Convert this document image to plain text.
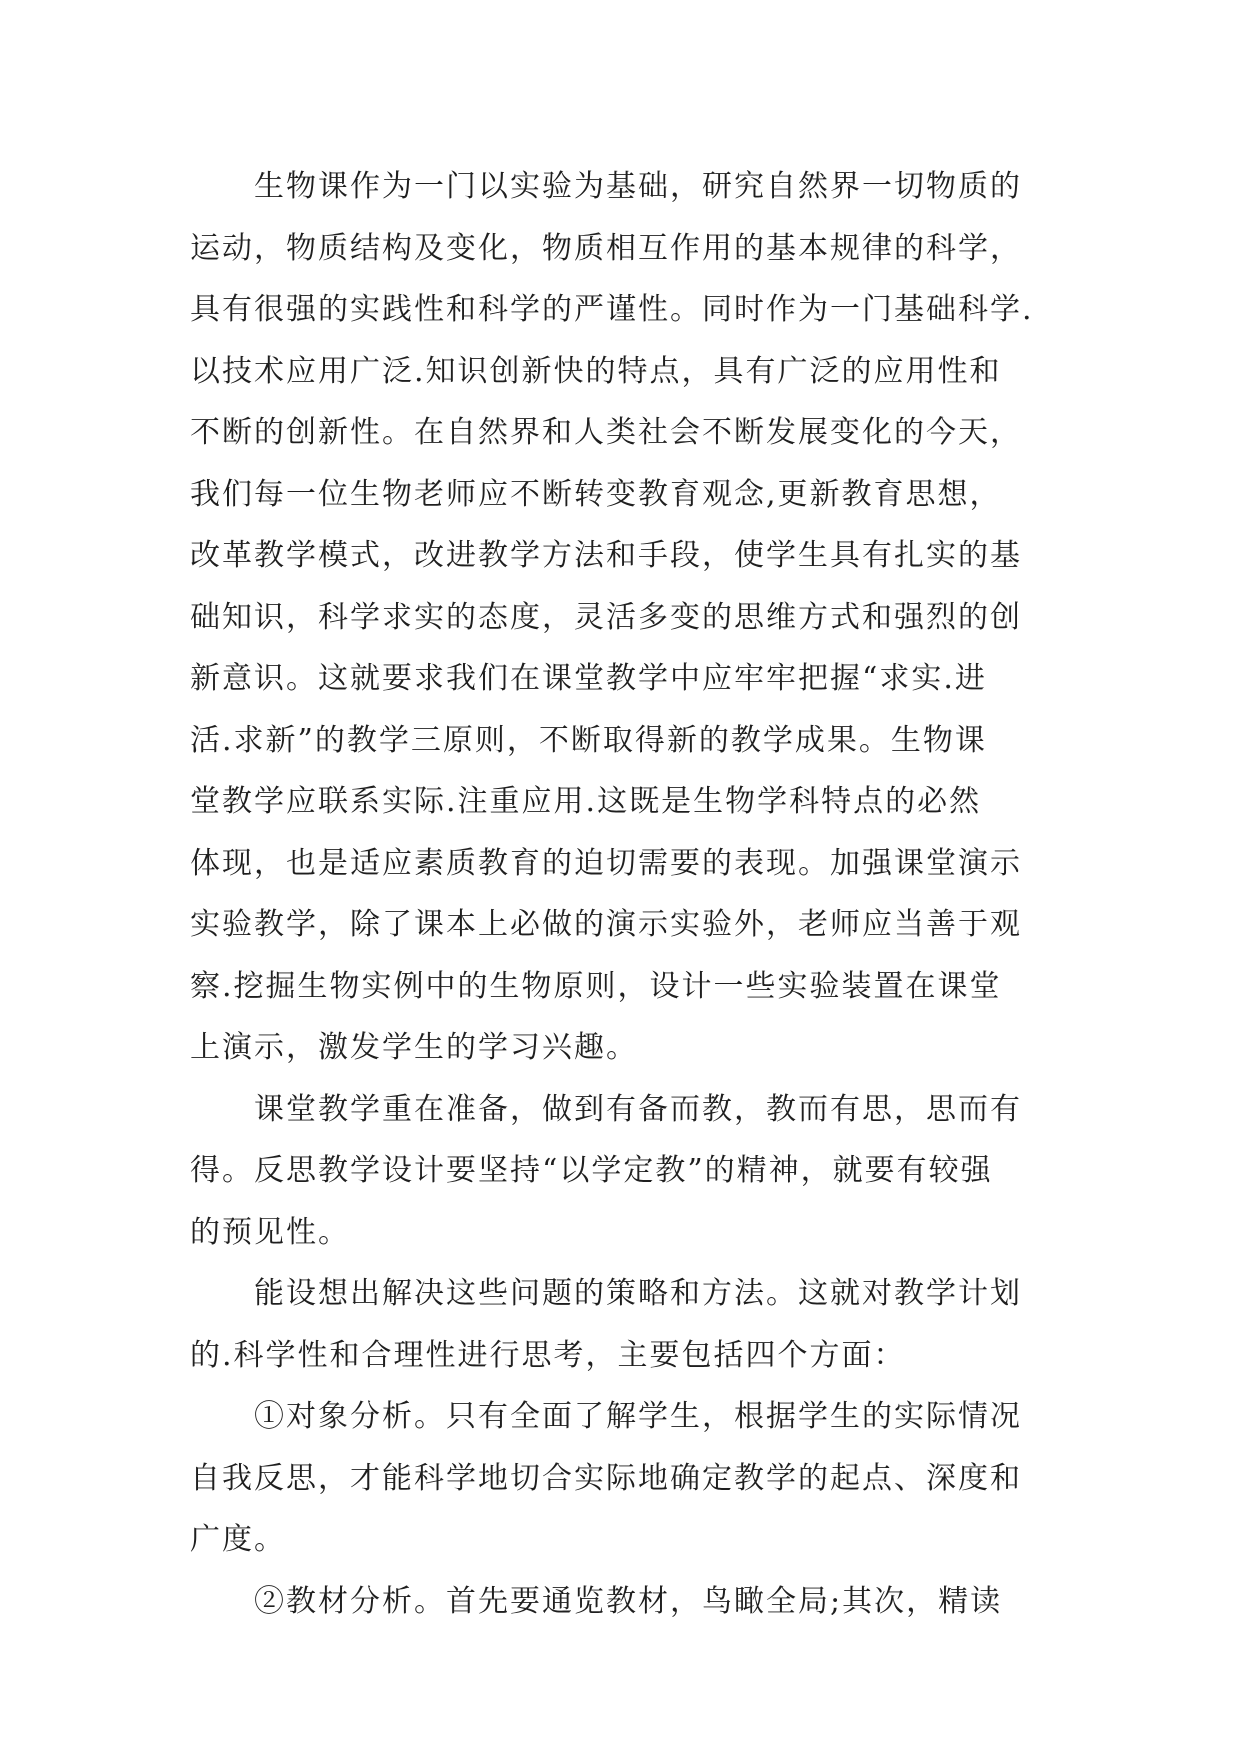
　　生物课作为一门以实验为基础，研究自然界一切物质的
运动，物质结构及变化，物质相互作用的基本规律的科学，
具有很强的实践性和科学的严谨性。同时作为一门基础科学.
以技术应用广泛.知识创新快的特点，具有广泛的应用性和
不断的创新性。在自然界和人类社会不断发展变化的今天，
我们每一位生物老师应不断转变教育观念,更新教育思想，
改革教学模式，改进教学方法和手段，使学生具有扎实的基
础知识，科学求实的态度，灵活多变的思维方式和强烈的创
新意识。这就要求我们在课堂教学中应牢牢把握“求实.进
活.求新”的教学三原则，不断取得新的教学成果。生物课
堂教学应联系实际.注重应用.这既是生物学科特点的必然
体现，也是适应素质教育的迫切需要的表现。加强课堂演示
实验教学，除了课本上必做的演示实验外，老师应当善于观
察.挖掘生物实例中的生物原则，设计一些实验装置在课堂
上演示，激发学生的学习兴趣。
　　课堂教学重在准备，做到有备而教，教而有思，思而有
得。反思教学设计要坚持“以学定教”的精神，就要有较强
的预见性。
　　能设想出解决这些问题的策略和方法。这就对教学计划
的.科学性和合理性进行思考，主要包括四个方面：
　　①对象分析。只有全面了解学生，根据学生的实际情况
自我反思，才能科学地切合实际地确定教学的起点、深度和
广度。
　　②教材分析。首先要通览教材，鸟瞰全局;其次，精读
